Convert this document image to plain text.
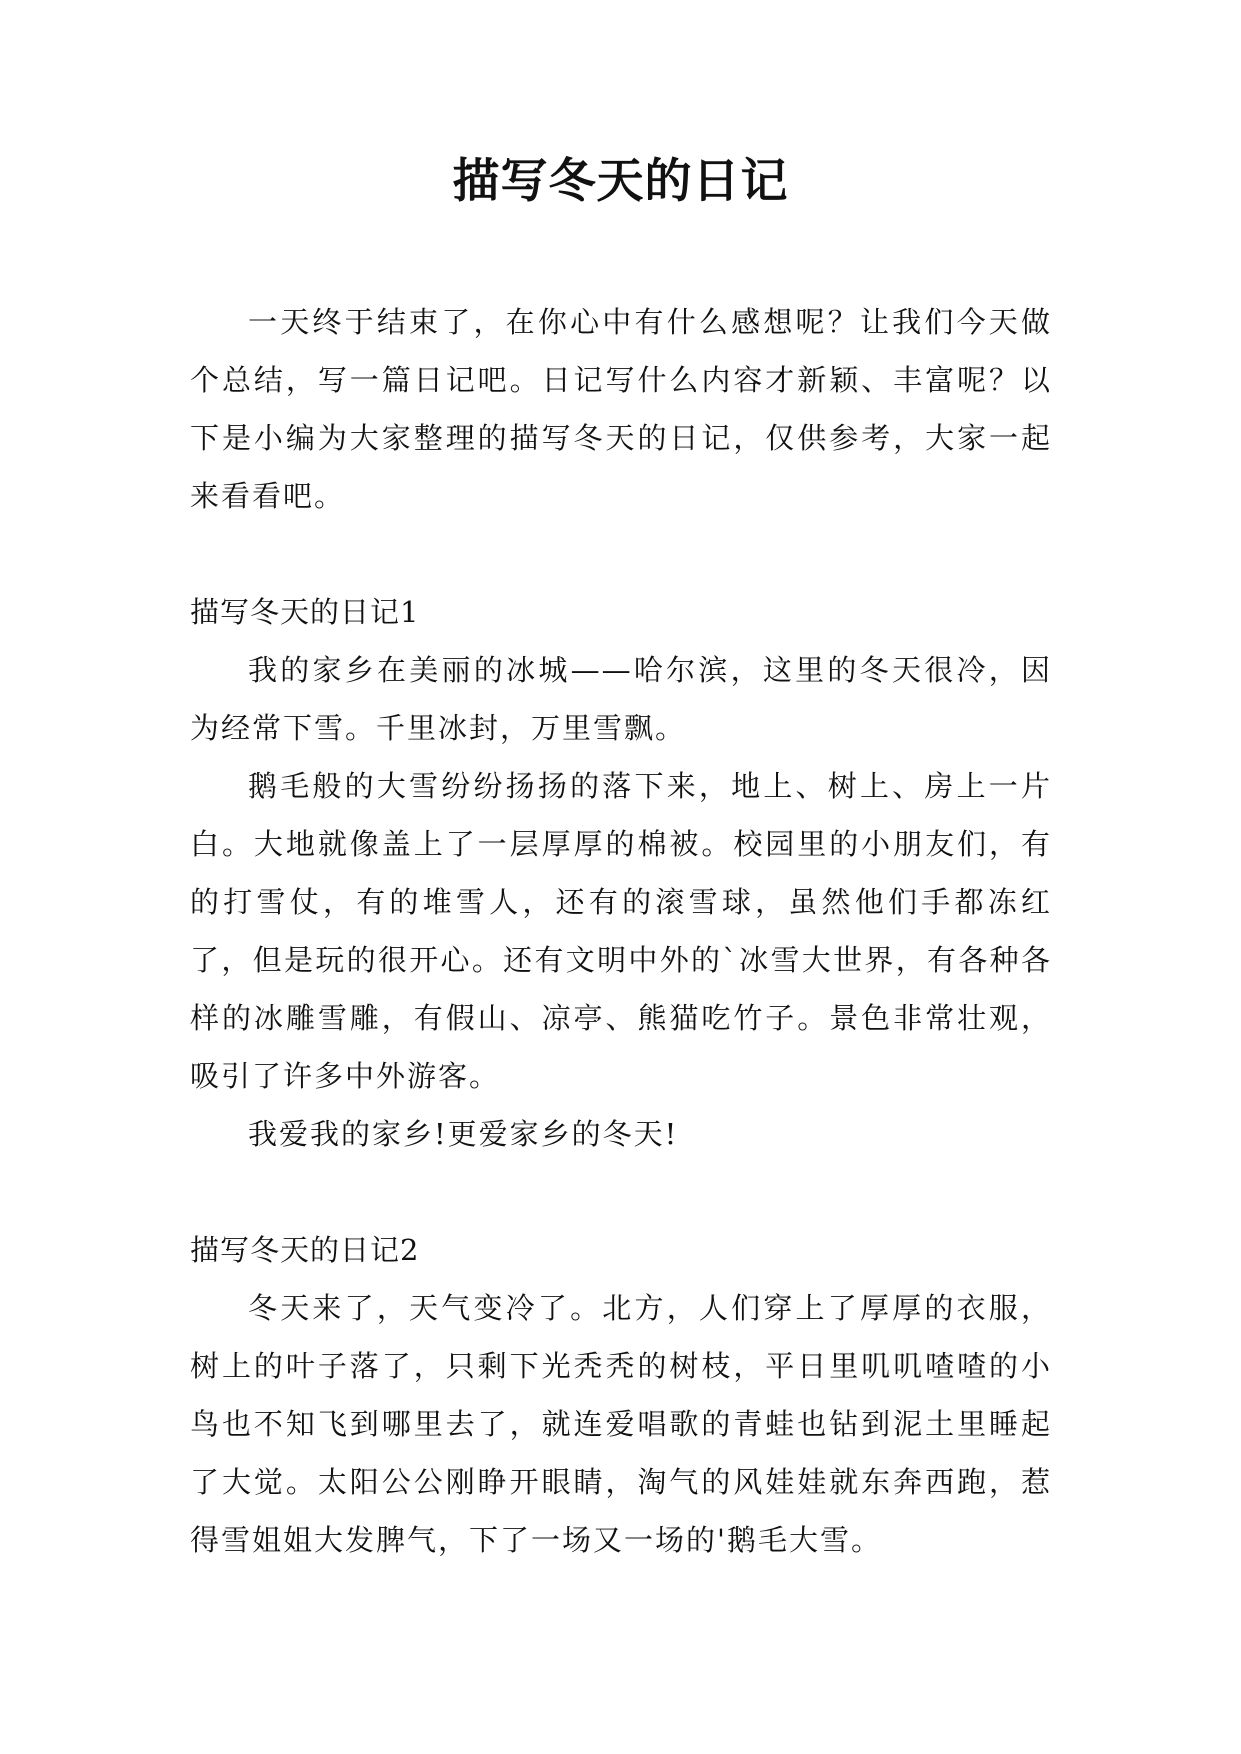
描写冬天的日记

一天终于结束了，在你心中有什么感想呢？让我们今天做个总结，写一篇日记吧。日记写什么内容才新颖、丰富呢？以下是小编为大家整理的描写冬天的日记，仅供参考，大家一起来看看吧。

描写冬天的日记1

我的家乡在美丽的冰城——哈尔滨，这里的冬天很冷，因为经常下雪。千里冰封，万里雪飘。

鹅毛般的大雪纷纷扬扬的落下来，地上、树上、房上一片白。大地就像盖上了一层厚厚的棉被。校园里的小朋友们，有的打雪仗，有的堆雪人，还有的滚雪球，虽然他们手都冻红了，但是玩的很开心。还有文明中外的`冰雪大世界，有各种各样的冰雕雪雕，有假山、凉亭、熊猫吃竹子。景色非常壮观，吸引了许多中外游客。

我爱我的家乡!更爱家乡的冬天!

描写冬天的日记2

冬天来了，天气变冷了。北方，人们穿上了厚厚的衣服，树上的叶子落了，只剩下光秃秃的树枝，平日里叽叽喳喳的小鸟也不知飞到哪里去了，就连爱唱歌的青蛙也钻到泥土里睡起了大觉。太阳公公刚睁开眼睛，淘气的风娃娃就东奔西跑，惹得雪姐姐大发脾气，下了一场又一场的'鹅毛大雪。
